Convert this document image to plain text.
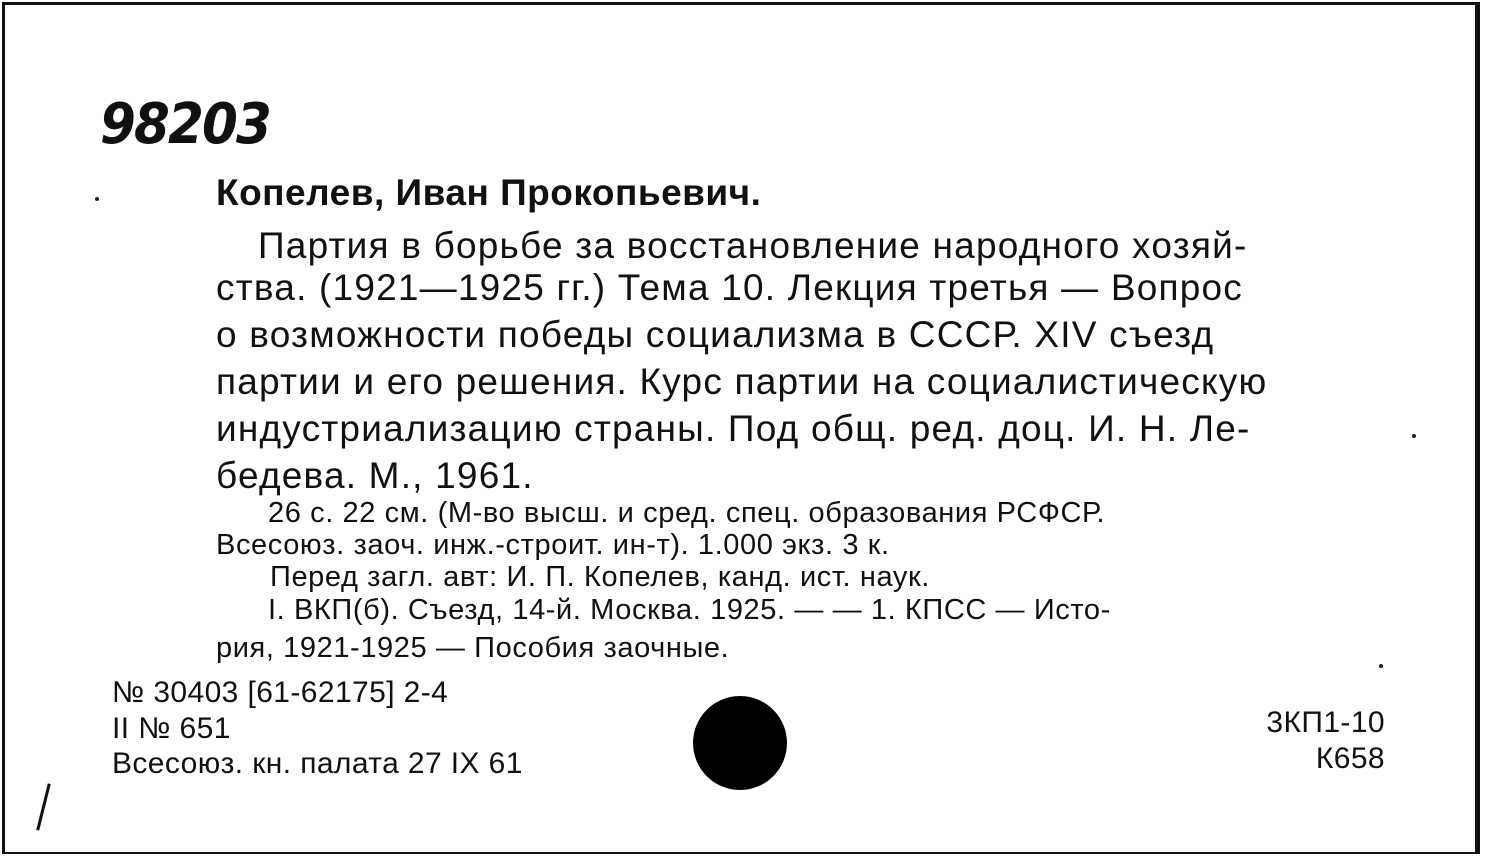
98203
Копелев, Иван Прокопьевич.
Партия в борьбе за восстановление народного хозяй-
ства. (1921—1925 гг.) Тема 10. Лекция третья — Вопрос
о возможности победы социализма в СССР. XIV съезд
партии и его решения. Курс партии на социалистическую
индустриализацию страны. Под общ. ред. доц. И. Н. Ле-
бедева. М., 1961.
26 с. 22 см. (М-во высш. и сред. спец. образования РСФСР.
Всесоюз. заоч. инж.-строит. ин-т). 1.000 экз. 3 к.
Перед загл. авт: И. П. Копелев, канд. ист. наук.
I. ВКП(б). Съезд, 14-й. Москва. 1925. — — 1. КПСС — Исто-
рия, 1921-1925 — Пособия заочные.
№ 30403 [61-62175] 2-4
II № 651
Всесоюз. кн. палата 27 IX 61
3КП1-10
К658
